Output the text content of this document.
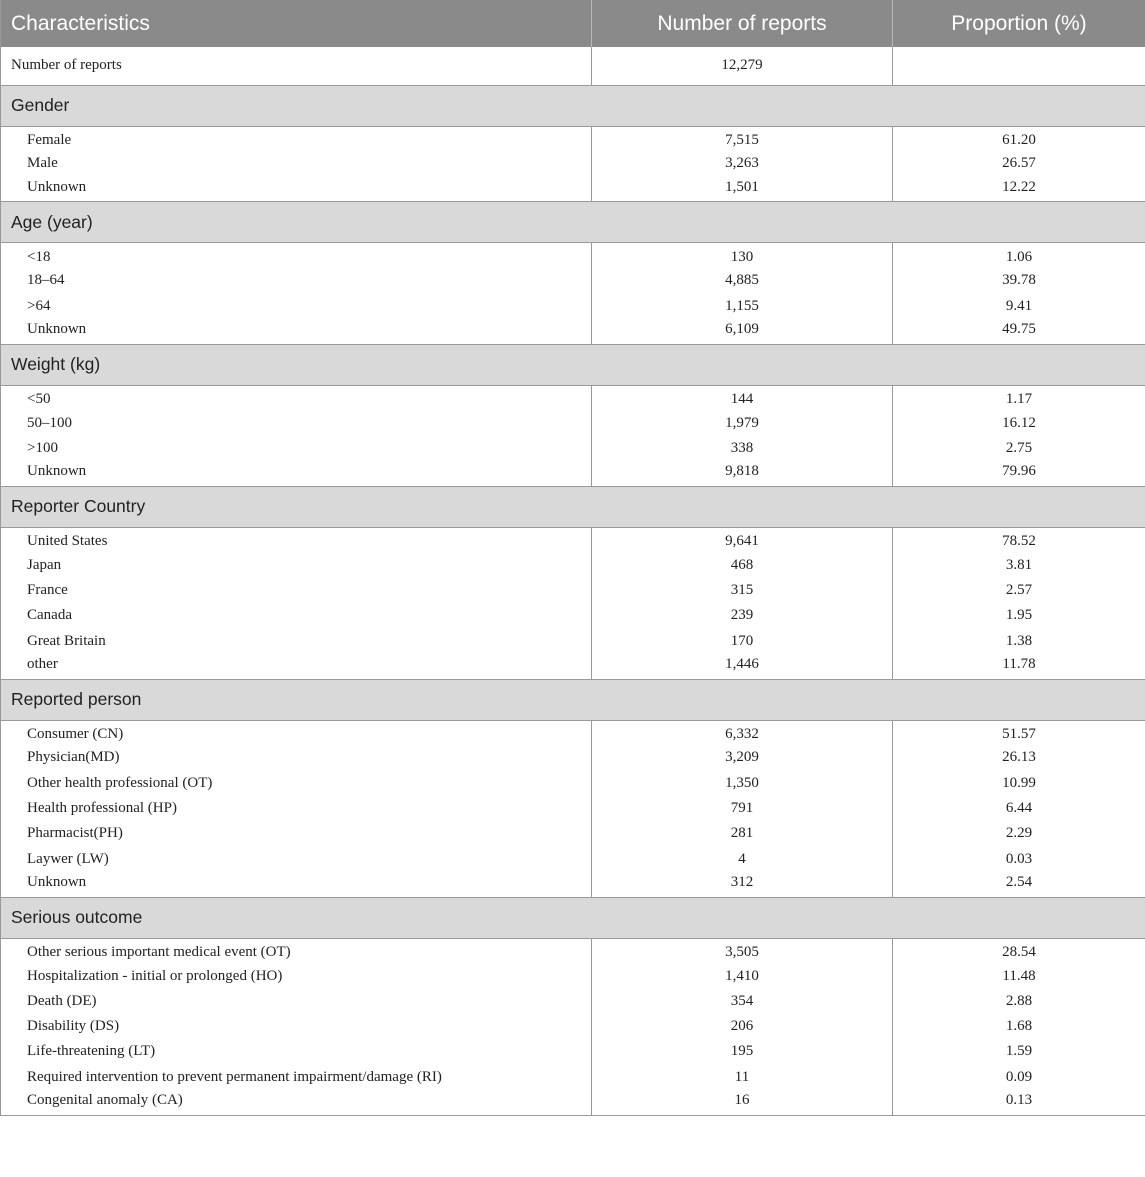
Characteristics	Number of reports	Proportion (%)
Number of reports	12,279	
Gender		
Female	7,515	61.20
Male	3,263	26.57
Unknown	1,501	12.22
Age (year)		
<18	130	1.06
18–64	4,885	39.78
>64	1,155	9.41
Unknown	6,109	49.75
Weight (kg)		
<50	144	1.17
50–100	1,979	16.12
>100	338	2.75
Unknown	9,818	79.96
Reporter Country		
United States	9,641	78.52
Japan	468	3.81
France	315	2.57
Canada	239	1.95
Great Britain	170	1.38
other	1,446	11.78
Reported person		
Consumer (CN)	6,332	51.57
Physician(MD)	3,209	26.13
Other health professional (OT)	1,350	10.99
Health professional (HP)	791	6.44
Pharmacist(PH)	281	2.29
Laywer (LW)	4	0.03
Unknown	312	2.54
Serious outcome		
Other serious important medical event (OT)	3,505	28.54
Hospitalization - initial or prolonged (HO)	1,410	11.48
Death (DE)	354	2.88
Disability (DS)	206	1.68
Life-threatening (LT)	195	1.59
Required intervention to prevent permanent impairment/damage (RI)	11	0.09
Congenital anomaly (CA)	16	0.13
